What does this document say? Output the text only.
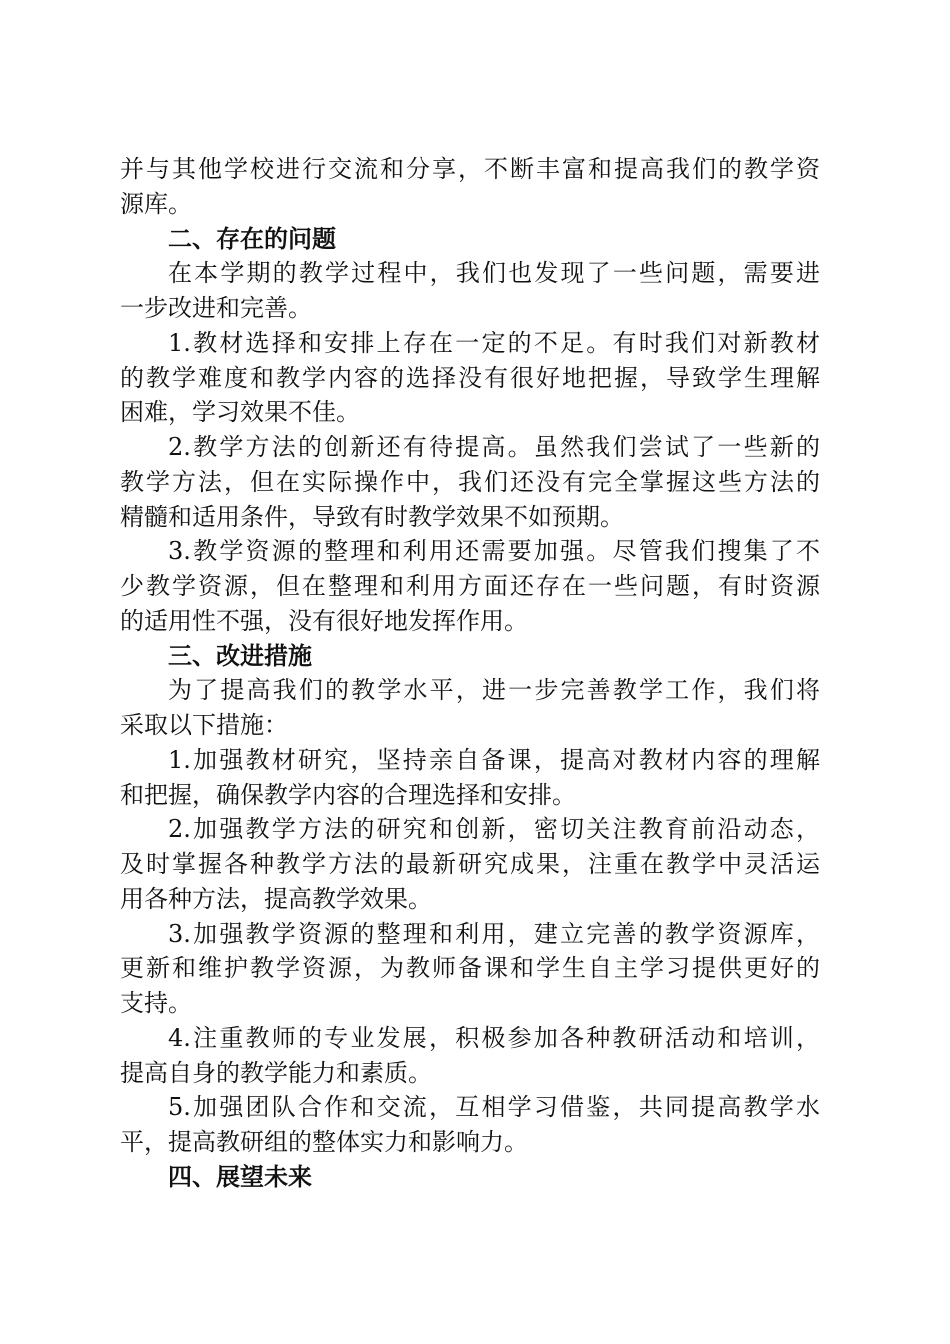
并与其他学校进行交流和分享，不断丰富和提高我们的教学资
源库。
二、存在的问题
在本学期的教学过程中，我们也发现了一些问题，需要进
一步改进和完善。
1.教材选择和安排上存在一定的不足。有时我们对新教材
的教学难度和教学内容的选择没有很好地把握，导致学生理解
困难，学习效果不佳。
2.教学方法的创新还有待提高。虽然我们尝试了一些新的
教学方法，但在实际操作中，我们还没有完全掌握这些方法的
精髓和适用条件，导致有时教学效果不如预期。
3.教学资源的整理和利用还需要加强。尽管我们搜集了不
少教学资源，但在整理和利用方面还存在一些问题，有时资源
的适用性不强，没有很好地发挥作用。
三、改进措施
为了提高我们的教学水平，进一步完善教学工作，我们将
采取以下措施：
1.加强教材研究，坚持亲自备课，提高对教材内容的理解
和把握，确保教学内容的合理选择和安排。
2.加强教学方法的研究和创新，密切关注教育前沿动态，
及时掌握各种教学方法的最新研究成果，注重在教学中灵活运
用各种方法，提高教学效果。
3.加强教学资源的整理和利用，建立完善的教学资源库，
更新和维护教学资源，为教师备课和学生自主学习提供更好的
支持。
4.注重教师的专业发展，积极参加各种教研活动和培训，
提高自身的教学能力和素质。
5.加强团队合作和交流，互相学习借鉴，共同提高教学水
平，提高教研组的整体实力和影响力。
四、展望未来
